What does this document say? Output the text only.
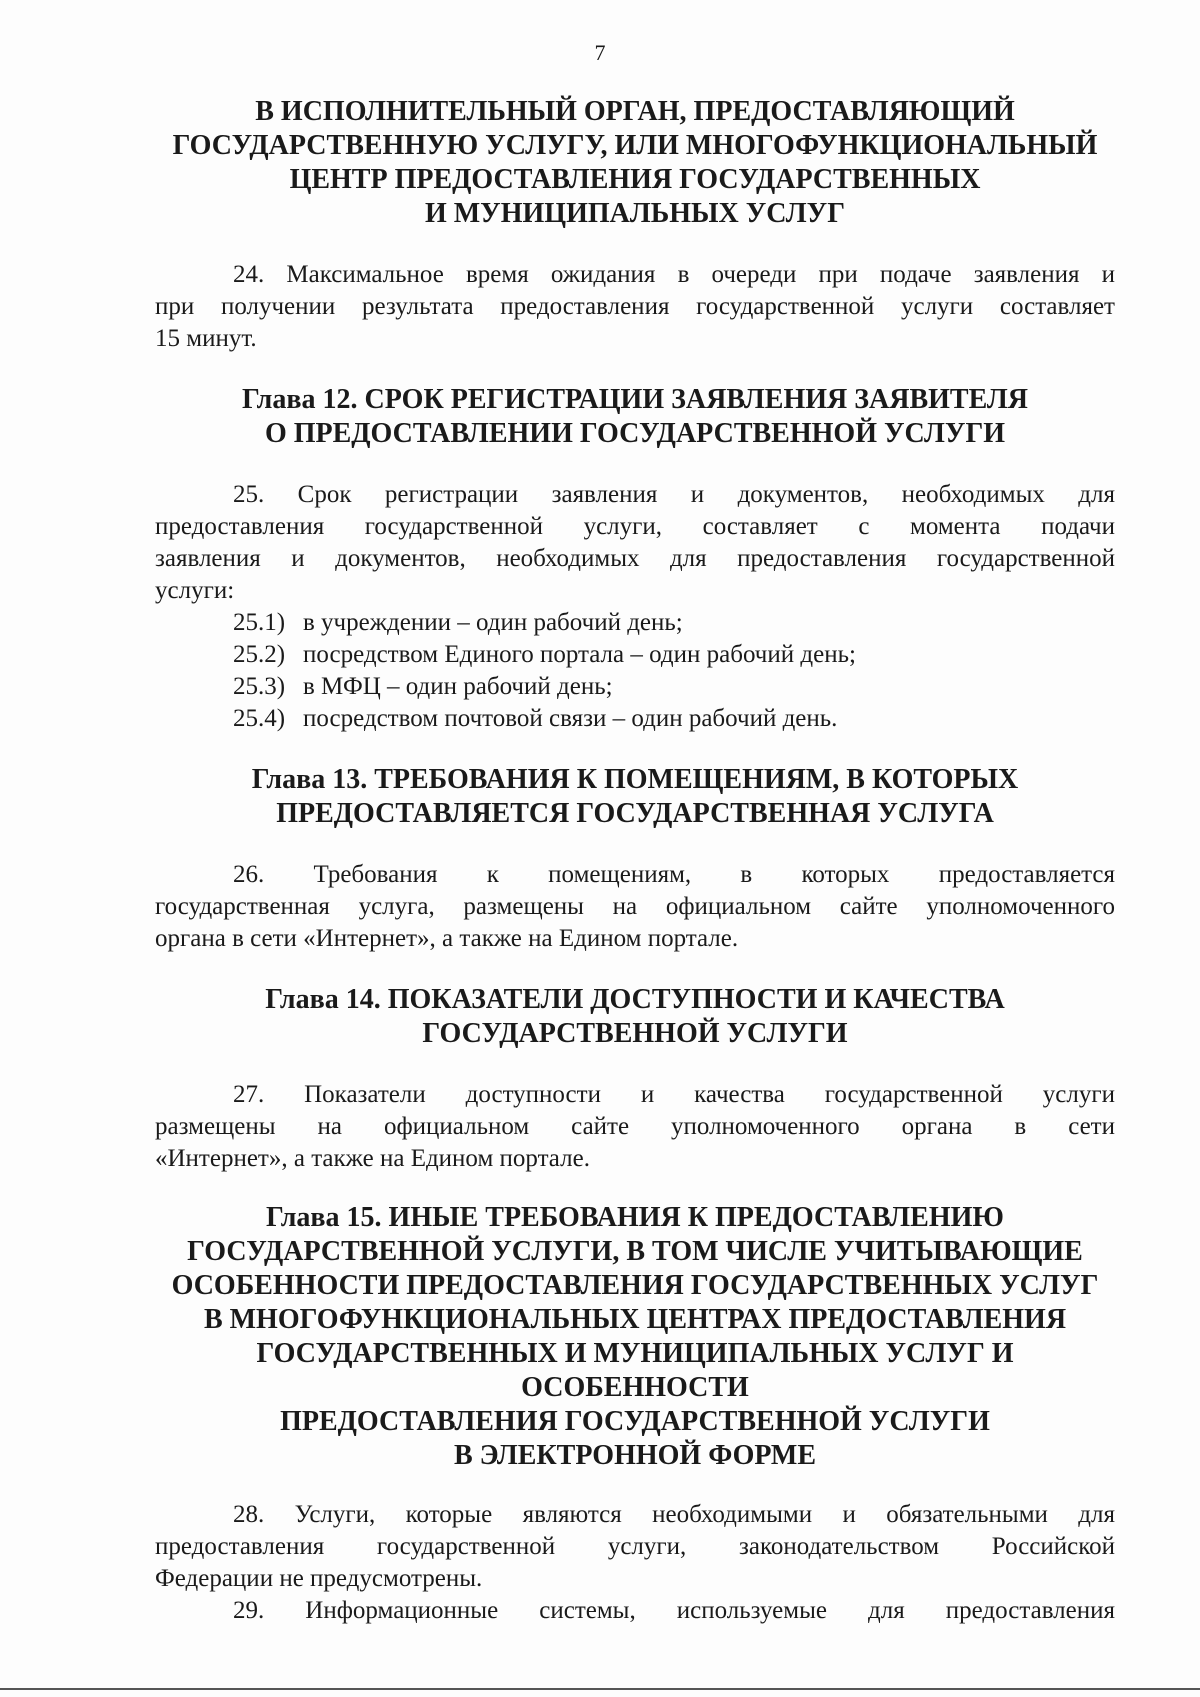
7
В ИСПОЛНИТЕЛЬНЫЙ ОРГАН, ПРЕДОСТАВЛЯЮЩИЙ
ГОСУДАРСТВЕННУЮ УСЛУГУ, ИЛИ МНОГОФУНКЦИОНАЛЬНЫЙ
ЦЕНТР ПРЕДОСТАВЛЕНИЯ ГОСУДАРСТВЕННЫХ
И МУНИЦИПАЛЬНЫХ УСЛУГ

24. Максимальное время ожидания в очереди при подаче заявления и
при получении результата предоставления государственной услуги составляет
15 минут.

Глава 12. СРОК РЕГИСТРАЦИИ ЗАЯВЛЕНИЯ ЗАЯВИТЕЛЯ
О ПРЕДОСТАВЛЕНИИ ГОСУДАРСТВЕННОЙ УСЛУГИ

25. Срок регистрации заявления и документов, необходимых для
предоставления государственной услуги, составляет с момента подачи
заявления и документов, необходимых для предоставления государственной
услуги:

25.1) в учреждении – один рабочий день;
25.2) посредством Единого портала – один рабочий день;
25.3) в МФЦ – один рабочий день;
25.4) посредством почтовой связи – один рабочий день.
Глава 13. ТРЕБОВАНИЯ К ПОМЕЩЕНИЯМ, В КОТОРЫХ
ПРЕДОСТАВЛЯЕТСЯ ГОСУДАРСТВЕННАЯ УСЛУГА

26. Требования к помещениям, в которых предоставляется
государственная услуга, размещены на официальном сайте уполномоченного
органа в сети «Интернет», а также на Едином портале.

Глава 14. ПОКАЗАТЕЛИ ДОСТУПНОСТИ И КАЧЕСТВА
ГОСУДАРСТВЕННОЙ УСЛУГИ

27. Показатели доступности и качества государственной услуги
размещены на официальном сайте уполномоченного органа в сети
«Интернет», а также на Едином портале.

Глава 15. ИНЫЕ ТРЕБОВАНИЯ К ПРЕДОСТАВЛЕНИЮ
ГОСУДАРСТВЕННОЙ УСЛУГИ, В ТОМ ЧИСЛЕ УЧИТЫВАЮЩИЕ
ОСОБЕННОСТИ ПРЕДОСТАВЛЕНИЯ ГОСУДАРСТВЕННЫХ УСЛУГ
В МНОГОФУНКЦИОНАЛЬНЫХ ЦЕНТРАХ ПРЕДОСТАВЛЕНИЯ
ГОСУДАРСТВЕННЫХ И МУНИЦИПАЛЬНЫХ УСЛУГ И ОСОБЕННОСТИ
ПРЕДОСТАВЛЕНИЯ ГОСУДАРСТВЕННОЙ УСЛУГИ
В ЭЛЕКТРОННОЙ ФОРМЕ

28. Услуги, которые являются необходимыми и обязательными для
предоставления государственной услуги, законодательством Российской
Федерации не предусмотрены.

29. Информационные системы, используемые для предоставления
